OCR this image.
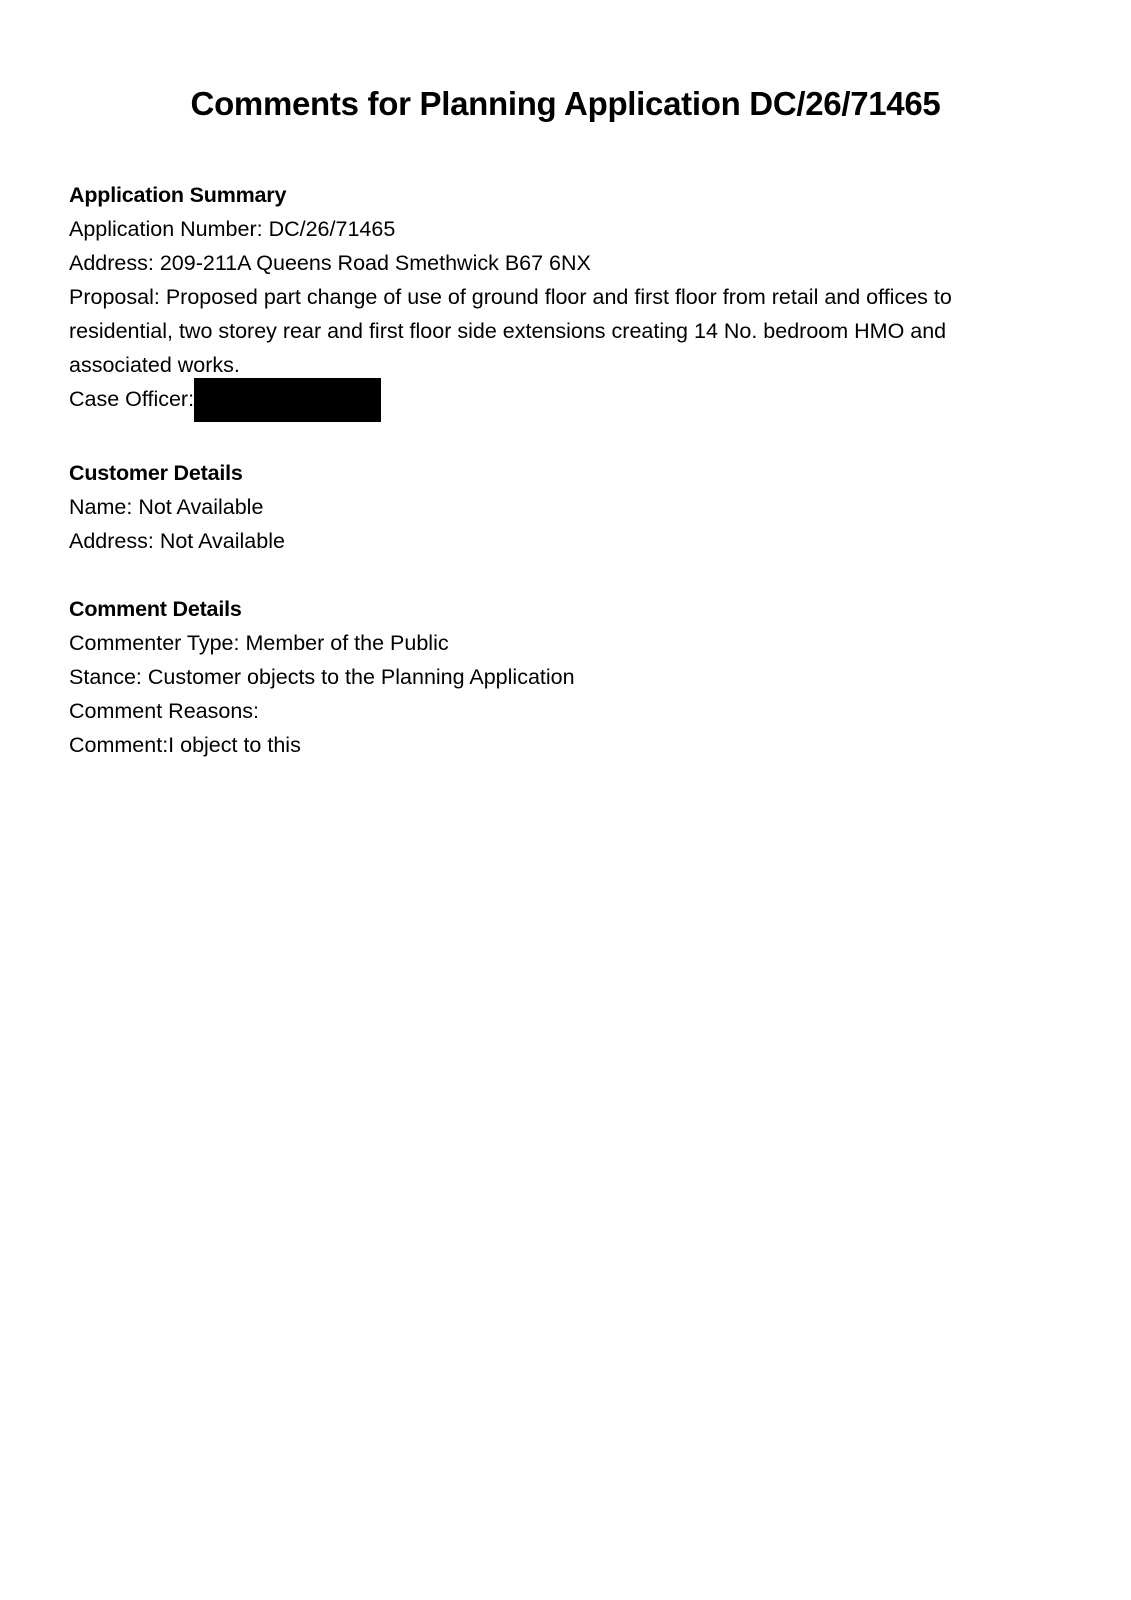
Comments for Planning Application DC/26/71465

Application Summary

Application Number: DC/26/71465

Address: 209-211A Queens Road Smethwick B67 6NX

Proposal: Proposed part change of use of ground floor and first floor from retail and offices to residential, two storey rear and first floor side extensions creating 14 No. bedroom HMO and associated works.

Case Officer:

Customer Details

Name: Not Available

Address: Not Available

Comment Details

Commenter Type: Member of the Public

Stance: Customer objects to the Planning Application

Comment Reasons:

Comment:I object to this
